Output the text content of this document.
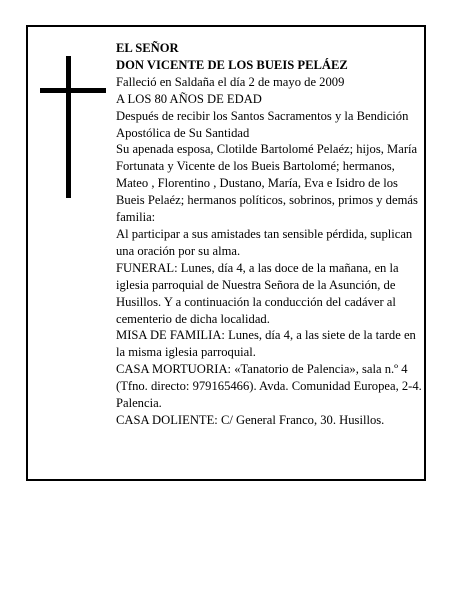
EL SEÑOR

DON VICENTE DE LOS BUEIS PELÁEZ

Falleció en Saldaña el día 2 de mayo de 2009

A LOS 80 AÑOS DE EDAD

Después de recibir los Santos Sacramentos y la Bendición Apostólica de Su Santidad

Su apenada esposa, Clotilde Bartolomé Pelaéz; hijos, María Fortunata y Vicente de los Bueis Bartolomé; hermanos, Mateo , Florentino , Dustano, María, Eva e Isidro de los Bueis Pelaéz; hermanos políticos, sobrinos, primos y demás familia:

Al participar a sus amistades tan sensible pérdida, suplican una oración por su alma.

FUNERAL: Lunes, día 4, a las doce de la mañana, en la iglesia parroquial de Nuestra Señora de la Asunción, de Husillos. Y a continuación la conducción del cadáver al cementerio de dicha localidad.

MISA DE FAMILIA: Lunes, día 4, a las siete de la tarde en la misma iglesia parroquial.

CASA MORTUORIA: «Tanatorio de Palencia», sala n.º 4 (Tfno. directo: 979165466). Avda. Comunidad Europea, 2-4. Palencia.

CASA DOLIENTE: C/ General Franco, 30. Husillos.
